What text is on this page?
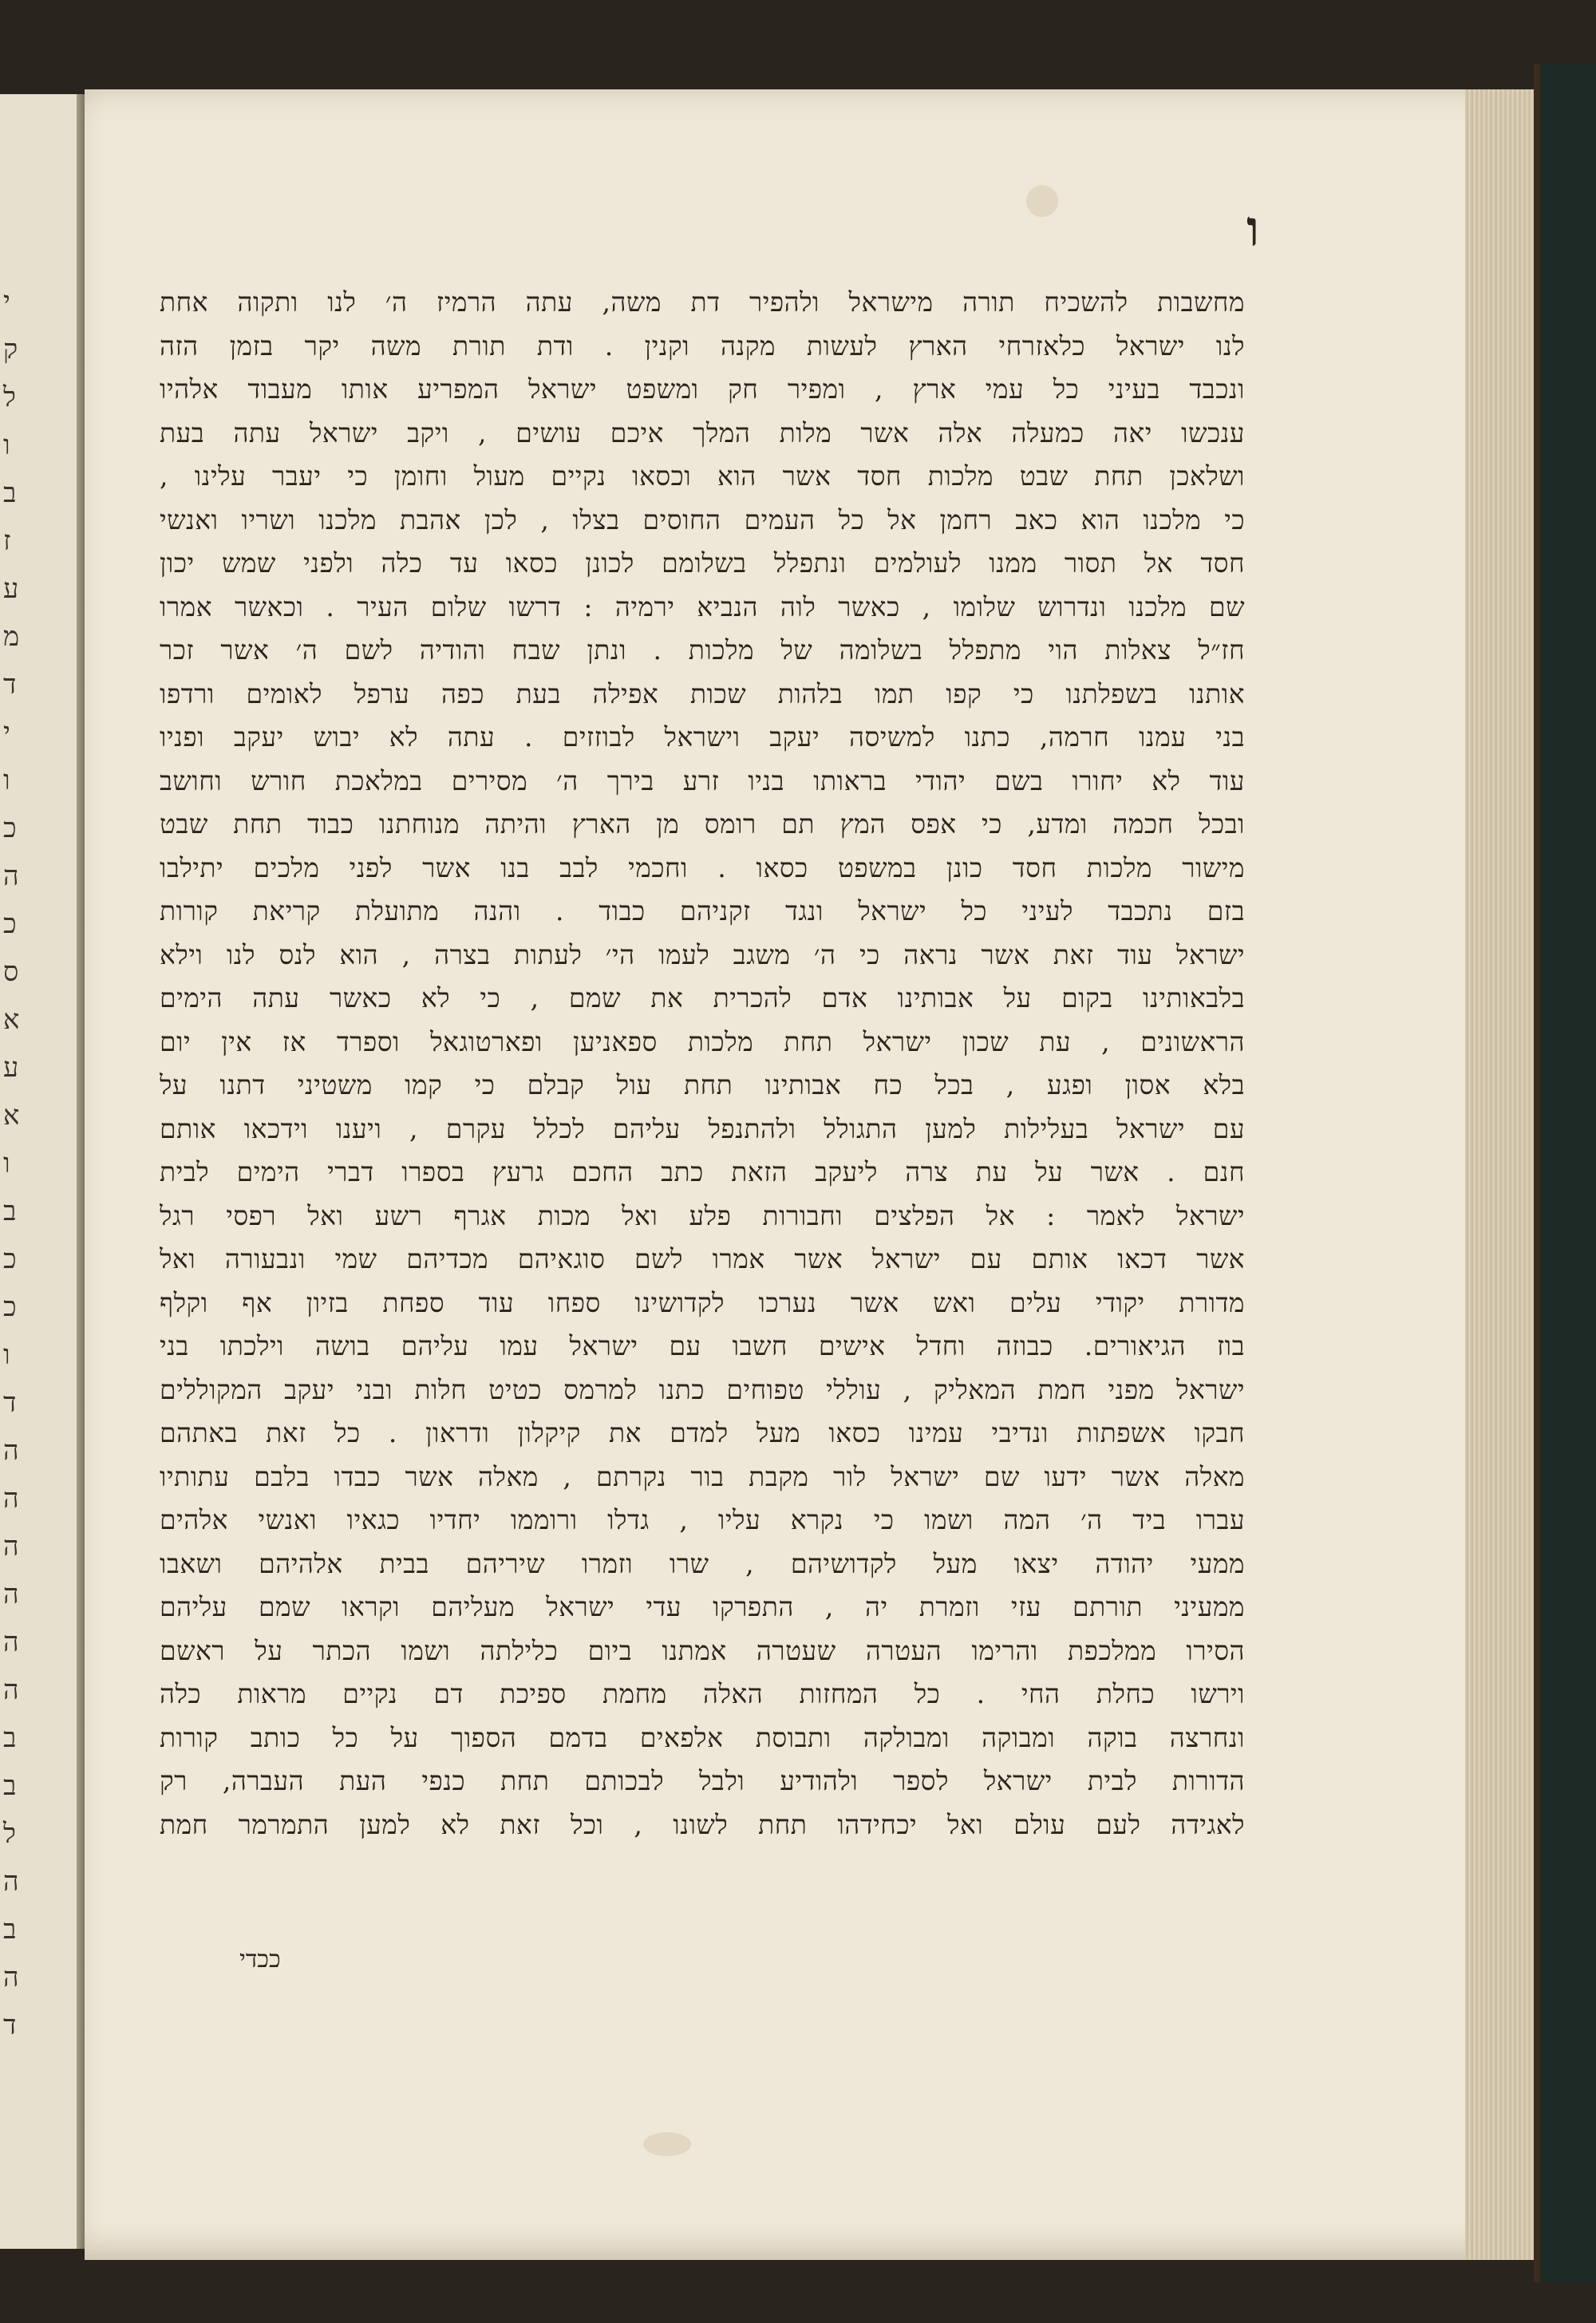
י
ק
ל
ו
ב
ז
ע
מ
ד
י
ו
כ
ה
כ
ס
א
ע
א
ו
ב
כ
כ
ו
ד
ה
ה
ה
ה
ה
ה
ב
ב
ל
ה
ב
ה
ד
ו
מחשבות להשכיח תורה מישראל ולהפיר דת משה, עתה הרמיז ה׳ לנו ותקוה אחת
לנו ישראל כלאזרחי הארץ לעשות מקנה וקנין . ודת תורת משה יקר בזמן הזה
ונכבד בעיני כל עמי ארץ , ומפיר חק ומשפט ישראל המפריע אותו מעבוד אלהיו
ענכשו יאה כמעלה אלה אשר מלות המלך איכם עושים , ויקב ישראל עתה בעת
ושלאכן תחת שבט מלכות חסד אשר הוא וכסאו נקיים מעול וחומן כי יעבר עלינו ,
כי מלכנו הוא כאב רחמן אל כל העמים החוסים בצלו , לכן אהבת מלכנו ושריו ואנשי
חסד אל תסור ממנו לעולמים ונתפלל בשלומם לכונן כסאו עד כלה ולפני שמש יכון
שם מלכנו ונדרוש שלומו , כאשר לוה הנביא ירמיה : דרשו שלום העיר . וכאשר אמרו
חז״ל צאלות הוי מתפלל בשלומה של מלכות . ונתן שבח והודיה לשם ה׳ אשר זכר
אותנו בשפלתנו כי קפו תמו בלהות שכות אפילה בעת כפה ערפל לאומים ורדפו
בני עמנו חרמה, כתנו למשיסה יעקב וישראל לבוזזים . עתה לא יבוש יעקב ופניו
עוד לא יחורו בשם יהודי בראותו בניו זרע בירך ה׳ מסירים במלאכת חורש וחושב
ובכל חכמה ומדע, כי אפס המץ תם רומס מן הארץ והיתה מנוחתנו כבוד תחת שבט
מישור מלכות חסד כונן במשפט כסאו . וחכמי לבב בנו אשר לפני מלכים יתילבו
בזם נתכבד לעיני כל ישראל ונגד זקניהם כבוד . והנה מתועלת קריאת קורות
ישראל עוד זאת אשר נראה כי ה׳ משגב לעמו הי׳ לעתות בצרה , הוא לנס לנו וילא
בלבאותינו בקום על אבותינו אדם להכרית את שמם , כי לא כאשר עתה הימים
הראשונים , עת שכון ישראל תחת מלכות ספאניען ופארטוגאל וספרד אז אין יום
בלא אסון ופגע , בכל כח אבותינו תחת עול קבלם כי קמו משטיני דתנו על
עם ישראל בעלילות למען התגולל ולהתנפל עליהם לכלל עקרם , ויענו וידכאו אותם
חנם . אשר על עת צרה ליעקב הזאת כתב החכם גרעץ בספרו דברי הימים לבית
ישראל לאמר : אל הפלצים וחבורות פלע ואל מכות אגרף רשע ואל רפסי רגל
אשר דכאו אותם עם ישראל אשר אמרו לשם סוגאיהם מכדיהם שמי ונבעורה ואל
מדורת יקודי עלים ואש אשר נערכו לקדושינו ספחו עוד ספחת בזיון אף וקלף
בוז הגיאורים. כבוזה וחדל אישים חשבו עם ישראל עמו עליהם בושה וילכתו בני
ישראל מפני חמת המאליק , עוללי טפוחים כתנו למרמס כטיט חלות ובני יעקב המקוללים
חבקו אשפתות ונדיבי עמינו כסאו מעל למדם את קיקלון ודראון . כל זאת באתהם
מאלה אשר ידעו שם ישראל לור מקבת בור נקרתם , מאלה אשר כבדו בלבם עתותיו
עברו ביד ה׳ המה ושמו כי נקרא עליו , גדלו ורוממו יחדיו כגאיו ואנשי אלהים
ממעי יהודה יצאו מעל לקדושיהם , שרו וזמרו שיריהם בבית אלהיהם ושאבו
ממעיני תורתם עזי וזמרת יה , התפרקו עדי ישראל מעליהם וקראו שמם עליהם
הסירו ממלכפת והרימו העטרה שעטרה אמתנו ביום כלילתה ושמו הכתר על ראשם
וירשו כחלת החי . כל המחזות האלה מחמת ספיכת דם נקיים מראות כלה
ונחרצה בוקה ומבוקה ומבולקה ותבוסת אלפאים בדמם הספוך על כל כותב קורות
הדורות לבית ישראל לספר ולהודיע ולבל לבכותם תחת כנפי העת העברה, רק
לאגידה לעם עולם ואל יכחידהו תחת לשונו , וכל זאת לא למען התמרמר חמת
ככדי
